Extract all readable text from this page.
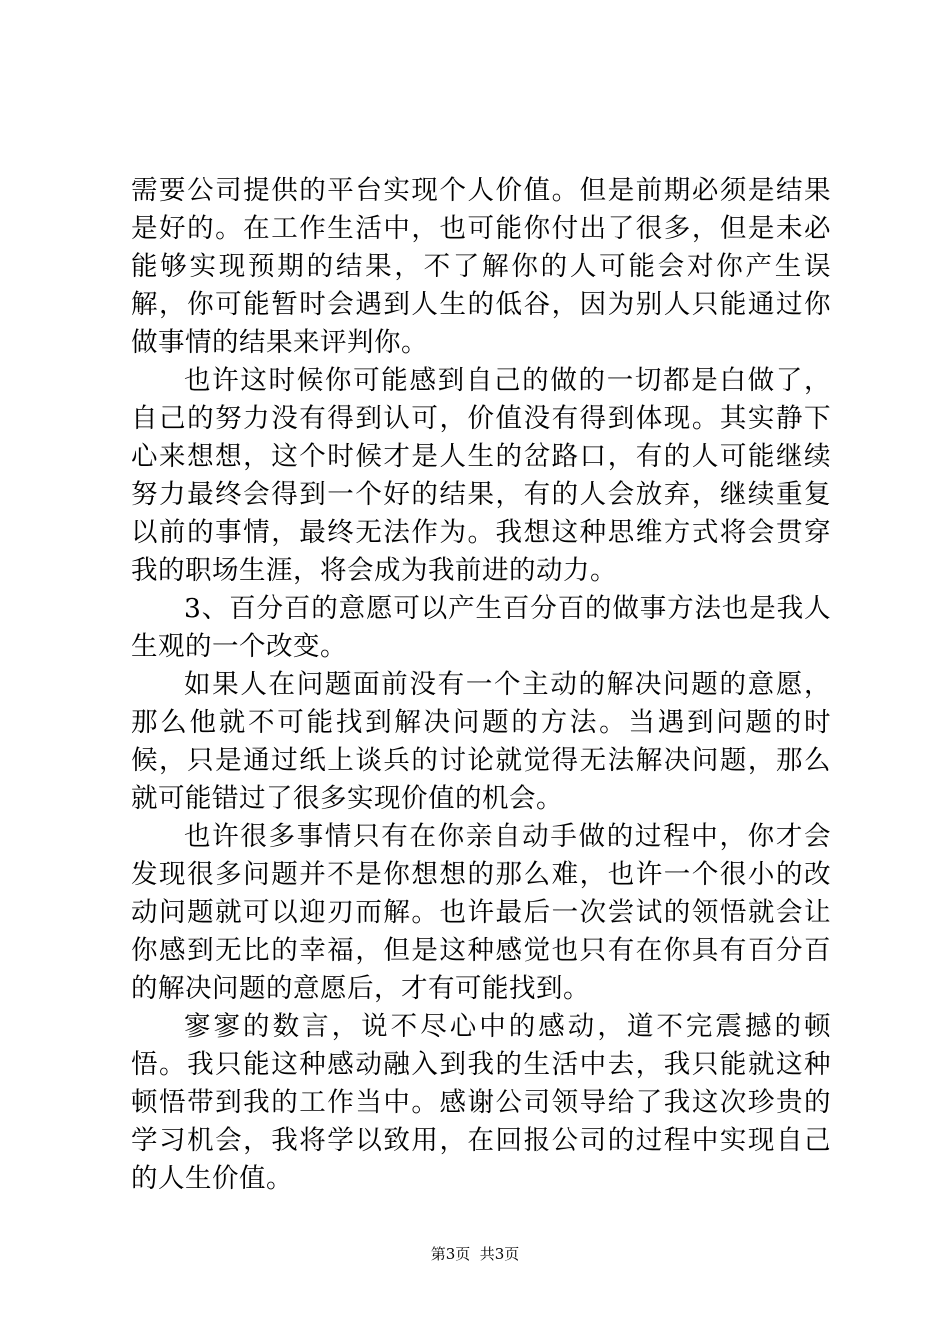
需要公司提供的平台实现个人价值。但是前期必须是结果是好的。在工作生活中，也可能你付出了很多，但是未必能够实现预期的结果，不了解你的人可能会对你产生误解，你可能暂时会遇到人生的低谷，因为别人只能通过你做事情的结果来评判你。

也许这时候你可能感到自己的做的一切都是白做了，自己的努力没有得到认可，价值没有得到体现。其实静下心来想想，这个时候才是人生的岔路口，有的人可能继续努力最终会得到一个好的结果，有的人会放弃，继续重复以前的事情，最终无法作为。我想这种思维方式将会贯穿我的职场生涯，将会成为我前进的动力。

3、百分百的意愿可以产生百分百的做事方法也是我人生观的一个改变。

如果人在问题面前没有一个主动的解决问题的意愿，那么他就不可能找到解决问题的方法。当遇到问题的时候，只是通过纸上谈兵的讨论就觉得无法解决问题，那么就可能错过了很多实现价值的机会。

也许很多事情只有在你亲自动手做的过程中，你才会发现很多问题并不是你想想的那么难，也许一个很小的改动问题就可以迎刃而解。也许最后一次尝试的领悟就会让你感到无比的幸福，但是这种感觉也只有在你具有百分百的解决问题的意愿后，才有可能找到。

寥寥的数言，说不尽心中的感动，道不完震撼的顿悟。我只能这种感动融入到我的生活中去，我只能就这种顿悟带到我的工作当中。感谢公司领导给了我这次珍贵的学习机会，我将学以致用，在回报公司的过程中实现自己的人生价值。

第3页  共3页
